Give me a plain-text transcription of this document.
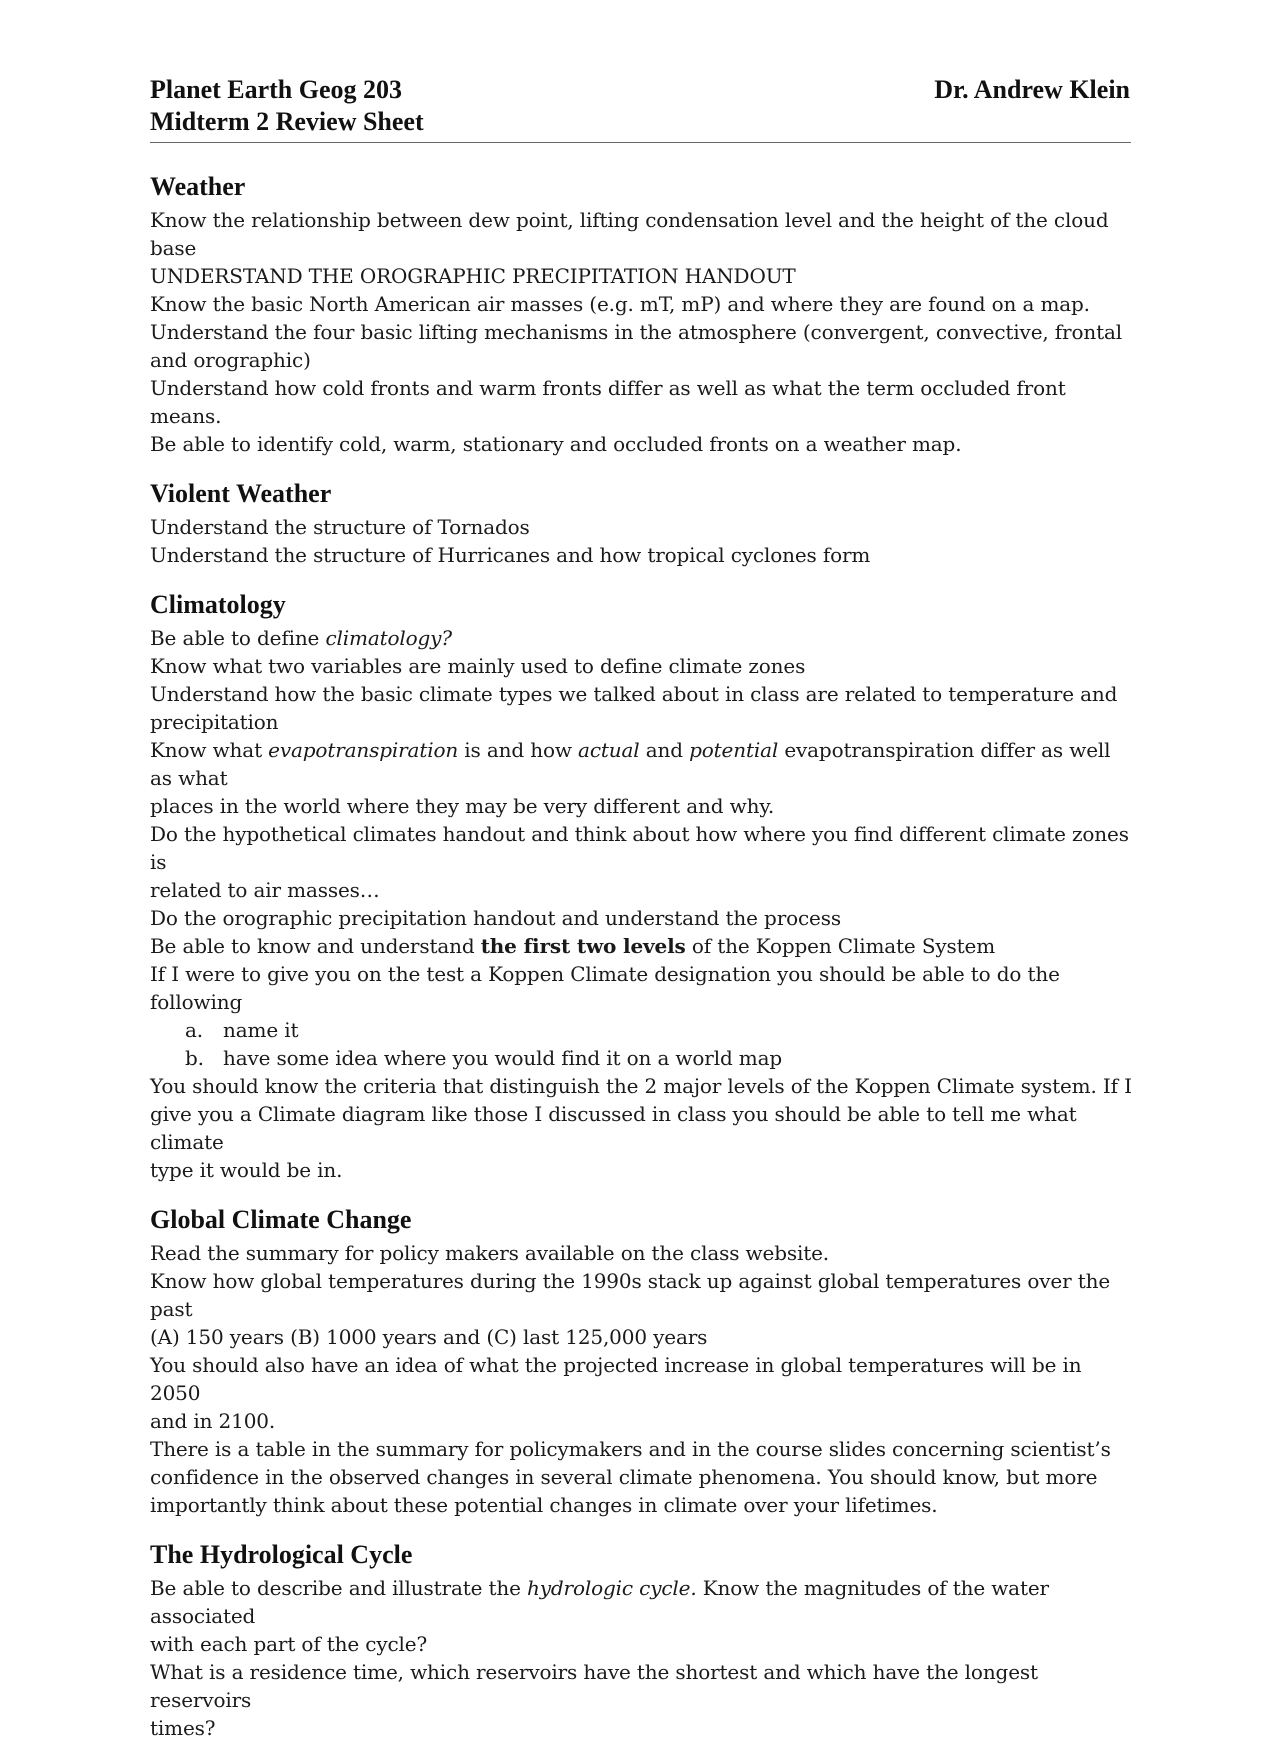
Planet Earth Geog 203	Dr. Andrew Klein
Midterm 2 Review Sheet
Weather

Know the relationship between dew point, lifting condensation level and the height of the cloud

base

UNDERSTAND THE OROGRAPHIC PRECIPITATION HANDOUT

Know the basic North American air masses (e.g. mT, mP) and where they are found on a map.

Understand the four basic lifting mechanisms in the atmosphere (convergent, convective, frontal

and orographic)

Understand how cold fronts and warm fronts differ as well as what the term occluded front means.

Be able to identify cold, warm, stationary and occluded fronts on a weather map.

Violent Weather

Understand the structure of Tornados

Understand the structure of Hurricanes and how tropical cyclones form

Climatology

Be able to define climatology?

Know what two variables are mainly used to define climate zones

Understand how the basic climate types we talked about in class are related to temperature and

precipitation

Know what evapotranspiration is and how actual and potential evapotranspiration differ as well as what

places in the world where they may be very different and why.

Do the hypothetical climates handout and think about how where you find different climate zones is

related to air masses…

Do the orographic precipitation handout and understand the process

Be able to know and understand the first two levels of the Koppen Climate System

If I were to give you on the test a Koppen Climate designation you should be able to do the

following

a.	name it
b. have some idea where you would find it on a world map

You should know the criteria that distinguish the 2 major levels of the Koppen Climate system. If I

give you a Climate diagram like those I discussed in class you should be able to tell me what climate

type it would be in.

Global Climate Change

Read the summary for policy makers available on the class website.

Know how global temperatures during the 1990s stack up against global temperatures over the past

(A) 150 years (B) 1000 years and (C) last 125,000 years

You should also have an idea of what the projected increase in global temperatures will be in 2050

and in 2100.

There is a table in the summary for policymakers and in the course slides concerning scientist’s

confidence in the observed changes in several climate phenomena. You should know, but more

importantly think about these potential changes in climate over your lifetimes.

The Hydrological Cycle

Be able to describe and illustrate the hydrologic cycle. Know the magnitudes of the water associated

with each part of the cycle?

What is a residence time, which reservoirs have the shortest and which have the longest reservoirs

times?
